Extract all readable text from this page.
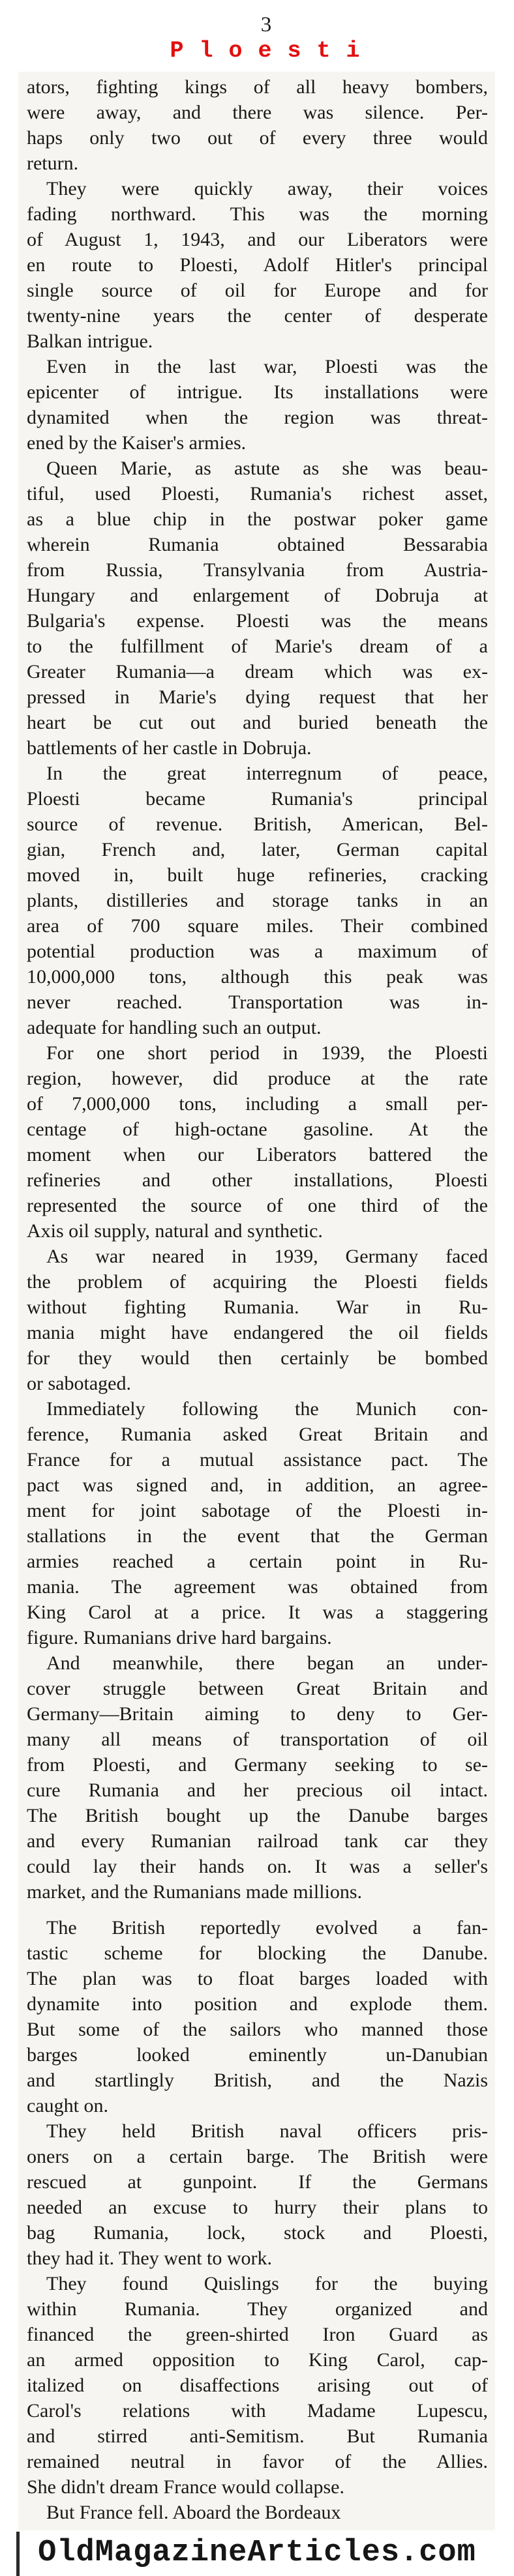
3
Ploesti
ators, fighting kings of all heavy bombers,
were away, and there was silence. Per-
haps only two out of every three would
return.
They were quickly away, their voices
fading northward. This was the morning
of August 1, 1943, and our Liberators were
en route to Ploesti, Adolf Hitler's principal
single source of oil for Europe and for
twenty-nine years the center of desperate
Balkan intrigue.
Even in the last war, Ploesti was the
epicenter of intrigue. Its installations were
dynamited when the region was threat-
ened by the Kaiser's armies.
Queen Marie, as astute as she was beau-
tiful, used Ploesti, Rumania's richest asset,
as a blue chip in the postwar poker game
wherein Rumania obtained Bessarabia
from Russia, Transylvania from Austria-
Hungary and enlargement of Dobruja at
Bulgaria's expense. Ploesti was the means
to the fulfillment of Marie's dream of a
Greater Rumania—a dream which was ex-
pressed in Marie's dying request that her
heart be cut out and buried beneath the
battlements of her castle in Dobruja.
In the great interregnum of peace,
Ploesti became Rumania's principal
source of revenue. British, American, Bel-
gian, French and, later, German capital
moved in, built huge refineries, cracking
plants, distilleries and storage tanks in an
area of 700 square miles. Their combined
potential production was a maximum of
10,000,000 tons, although this peak was
never reached. Transportation was in-
adequate for handling such an output.
For one short period in 1939, the Ploesti
region, however, did produce at the rate
of 7,000,000 tons, including a small per-
centage of high-octane gasoline. At the
moment when our Liberators battered the
refineries and other installations, Ploesti
represented the source of one third of the
Axis oil supply, natural and synthetic.
As war neared in 1939, Germany faced
the problem of acquiring the Ploesti fields
without fighting Rumania. War in Ru-
mania might have endangered the oil fields
for they would then certainly be bombed
or sabotaged.
Immediately following the Munich con-
ference, Rumania asked Great Britain and
France for a mutual assistance pact. The
pact was signed and, in addition, an agree-
ment for joint sabotage of the Ploesti in-
stallations in the event that the German
armies reached a certain point in Ru-
mania. The agreement was obtained from
King Carol at a price. It was a staggering
figure. Rumanians drive hard bargains.
And meanwhile, there began an under-
cover struggle between Great Britain and
Germany—Britain aiming to deny to Ger-
many all means of transportation of oil
from Ploesti, and Germany seeking to se-
cure Rumania and her precious oil intact.
The British bought up the Danube barges
and every Rumanian railroad tank car they
could lay their hands on. It was a seller's
market, and the Rumanians made millions.
The British reportedly evolved a fan-
tastic scheme for blocking the Danube.
The plan was to float barges loaded with
dynamite into position and explode them.
But some of the sailors who manned those
barges looked eminently un-Danubian
and startlingly British, and the Nazis
caught on.
They held British naval officers pris-
oners on a certain barge. The British were
rescued at gunpoint. If the Germans
needed an excuse to hurry their plans to
bag Rumania, lock, stock and Ploesti,
they had it. They went to work.
They found Quislings for the buying
within Rumania. They organized and
financed the green-shirted Iron Guard as
an armed opposition to King Carol, cap-
italized on disaffections arising out of
Carol's relations with Madame Lupescu,
and stirred anti-Semitism. But Rumania
remained neutral in favor of the Allies.
She didn't dream France would collapse.
But France fell. Aboard the Bordeaux
OldMagazineArticles.com
